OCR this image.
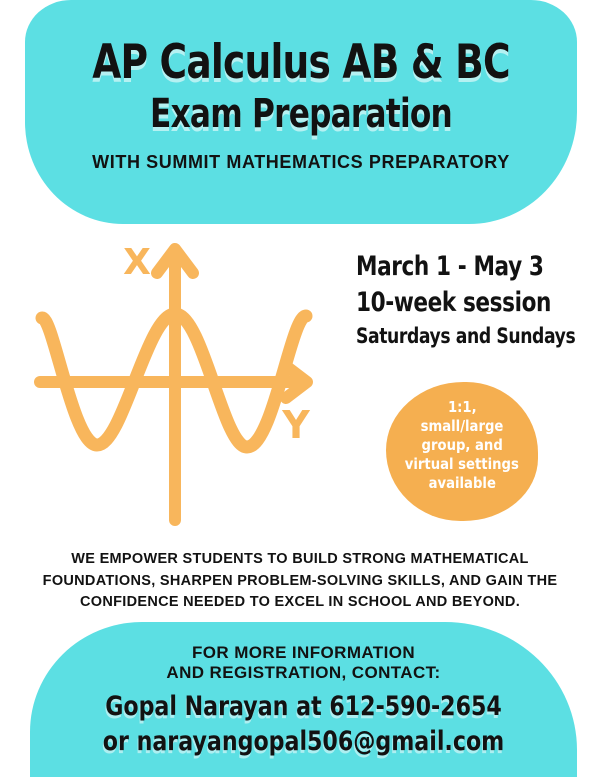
AP Calculus AB & BC
Exam Preparation
WITH SUMMIT MATHEMATICS PREPARATORY
X
Y
March 1 - May 3
10-week session
Saturdays and Sundays
1:1,
small/large
group, and
virtual settings
available
WE EMPOWER STUDENTS TO BUILD STRONG MATHEMATICAL
FOUNDATIONS, SHARPEN PROBLEM-SOLVING SKILLS, AND GAIN THE
CONFIDENCE NEEDED TO EXCEL IN SCHOOL AND BEYOND.
FOR MORE INFORMATION
AND REGISTRATION, CONTACT:
Gopal Narayan at 612-590-2654
or narayangopal506@gmail.com
